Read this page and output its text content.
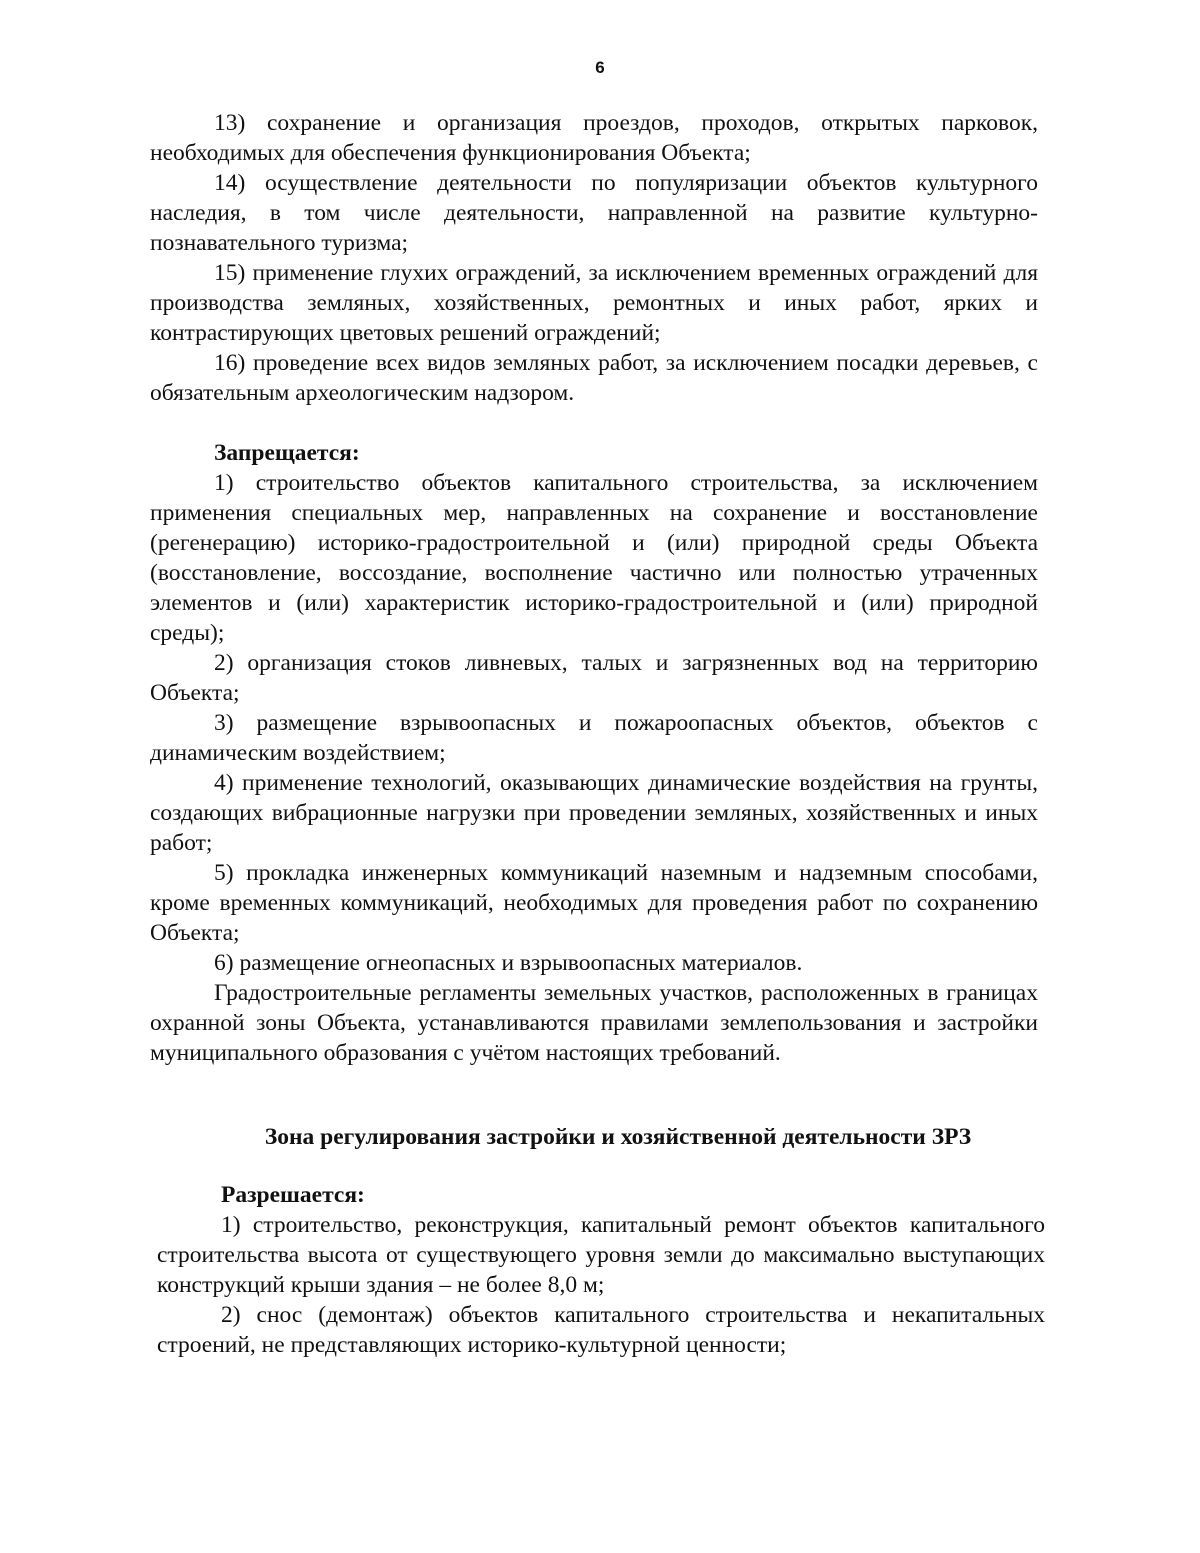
6

13) сохранение и организация проездов, проходов, открытых парковок, необходимых для обеспечения функционирования Объекта;

14) осуществление деятельности по популяризации объектов культурного наследия, в том числе деятельности, направленной на развитие культурно-познавательного туризма;

15) применение глухих ограждений, за исключением временных ограждений для производства земляных, хозяйственных, ремонтных и иных работ, ярких и контрастирующих цветовых решений ограждений;

16) проведение всех видов земляных работ, за исключением посадки деревьев, с обязательным археологическим надзором.

Запрещается:

1) строительство объектов капитального строительства, за исключением применения специальных мер, направленных на сохранение и восстановление (регенерацию) историко-градостроительной и (или) природной среды Объекта (восстановление, воссоздание, восполнение частично или полностью утраченных элементов и (или) характеристик историко-градостроительной и (или) природной среды);

2) организация стоков ливневых, талых и загрязненных вод на территорию Объекта;

3) размещение взрывоопасных и пожароопасных объектов, объектов с динамическим воздействием;

4) применение технологий, оказывающих динамические воздействия на грунты, создающих вибрационные нагрузки при проведении земляных, хозяйственных и иных работ;

5) прокладка инженерных коммуникаций наземным и надземным способами, кроме временных коммуникаций, необходимых для проведения работ по сохранению Объекта;

6) размещение огнеопасных и взрывоопасных материалов.

Градостроительные регламенты земельных участков, расположенных в границах охранной зоны Объекта, устанавливаются правилами землепользования и застройки муниципального образования с учётом настоящих требований.

Зона регулирования застройки и хозяйственной деятельности ЗРЗ

Разрешается:

1) строительство, реконструкция, капитальный ремонт объектов капитального строительства высота от существующего уровня земли до максимально выступающих конструкций крыши здания – не более 8,0 м;

2) снос (демонтаж) объектов капитального строительства и некапитальных строений, не представляющих историко-культурной ценности;
